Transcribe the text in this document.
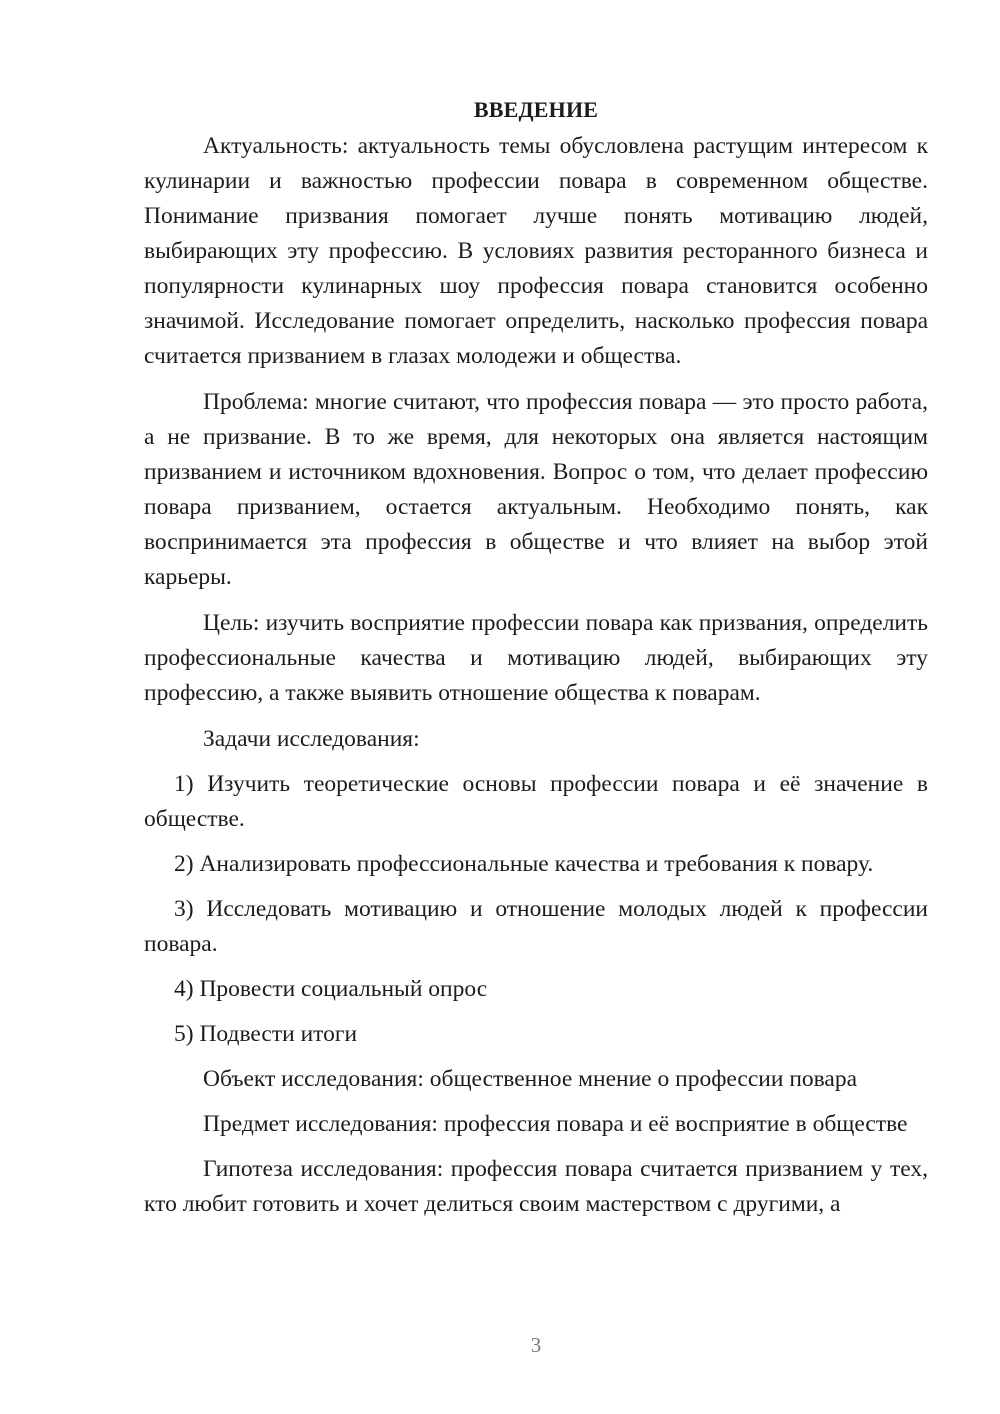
ВВЕДЕНИЕ

Актуальность: актуальность темы обусловлена растущим интересом к кулинарии и важностью профессии повара в современном обществе. Понимание призвания помогает лучше понять мотивацию людей, выбирающих эту профессию. В условиях развития ресторанного бизнеса и популярности кулинарных шоу профессия повара становится особенно значимой. Исследование помогает определить, насколько профессия повара считается призванием в глазах молодежи и общества.

Проблема: многие считают, что профессия повара — это просто работа, а не призвание. В то же время, для некоторых она является настоящим призванием и источником вдохновения. Вопрос о том, что делает профессию повара призванием, остается актуальным. Необходимо понять, как воспринимается эта профессия в обществе и что влияет на выбор этой карьеры.

Цель: изучить восприятие профессии повара как призвания, определить профессиональные качества и мотивацию людей, выбирающих эту профессию, а также выявить отношение общества к поварам.

Задачи исследования:

1) Изучить теоретические основы профессии повара и её значение в обществе.

2) Анализировать профессиональные качества и требования к повару.

3) Исследовать мотивацию и отношение молодых людей к профессии повара.

4) Провести социальный опрос

5) Подвести итоги

Объект исследования: общественное мнение о профессии повара

Предмет исследования: профессия повара и её восприятие в обществе

Гипотеза исследования: профессия повара считается призванием у тех, кто любит готовить и хочет делиться своим мастерством с другими, а

3
